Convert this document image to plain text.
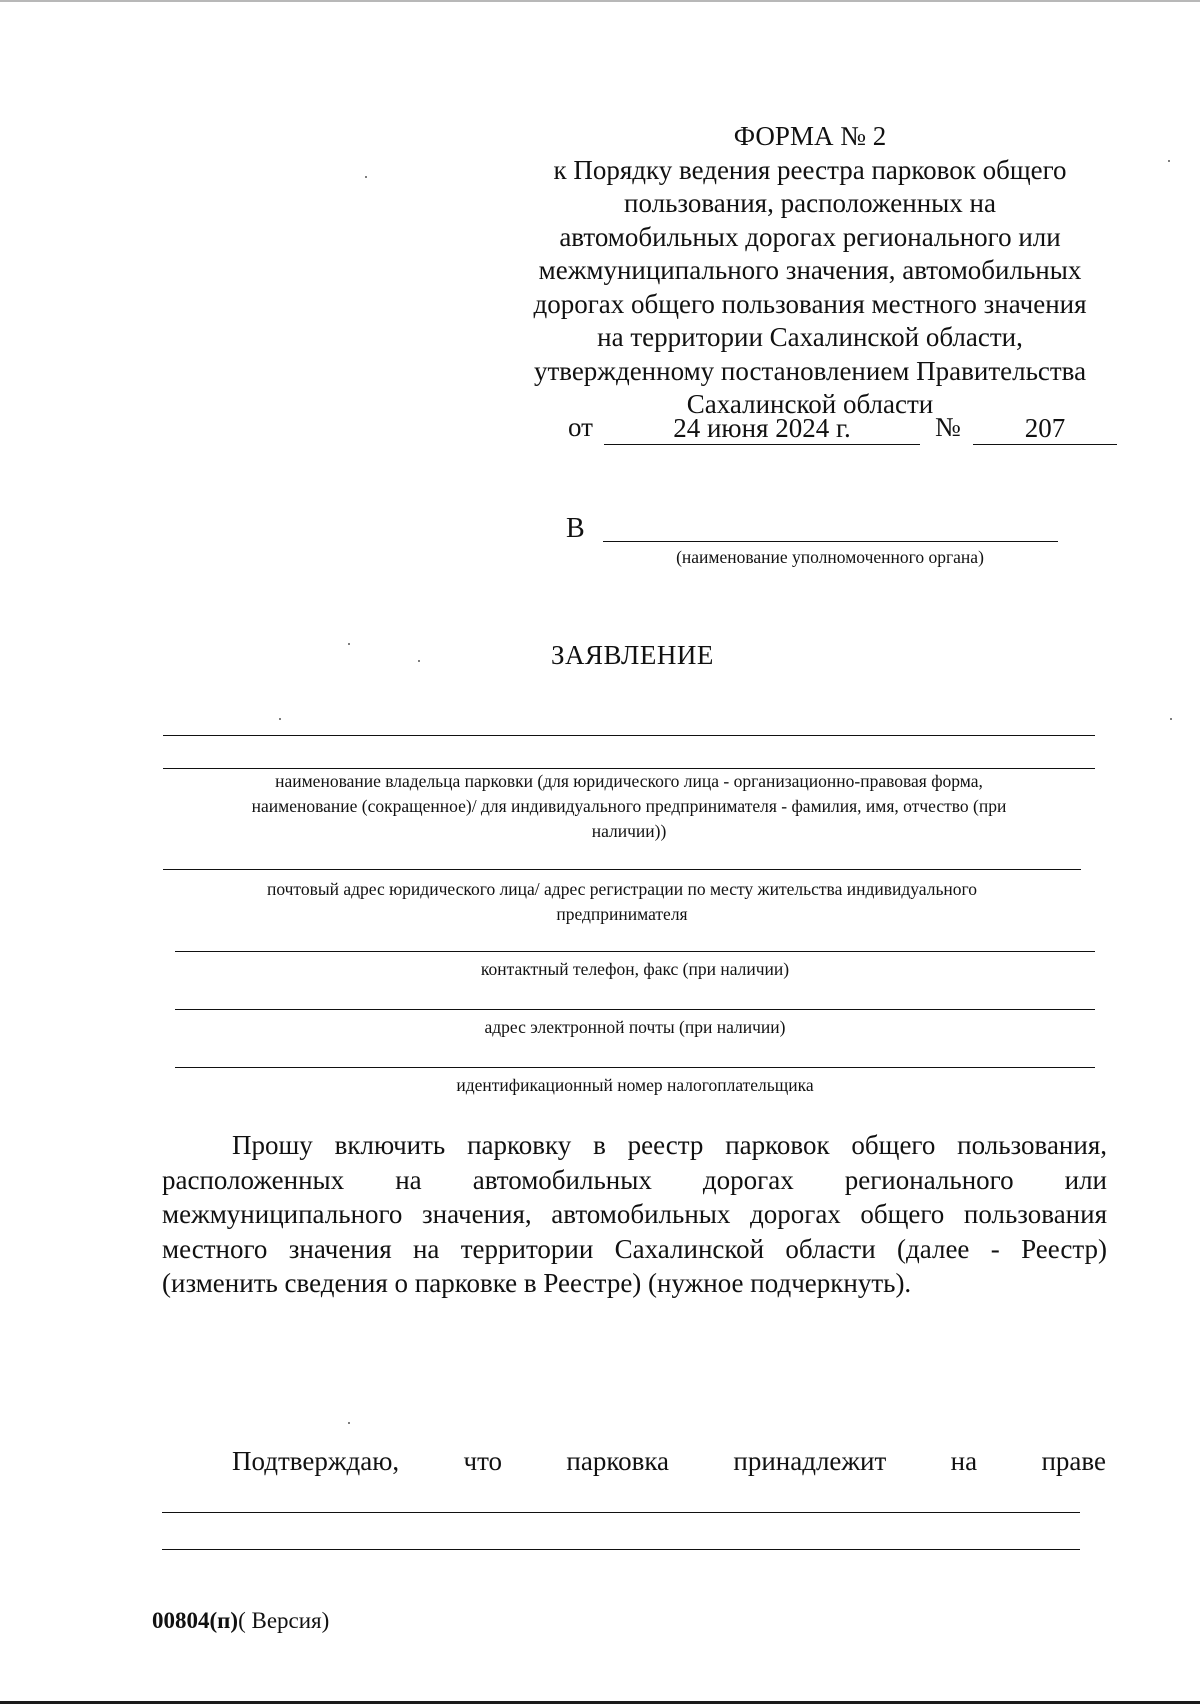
ФОРМА № 2
к Порядку ведения реестра парковок общего
пользования, расположенных на
автомобильных дорогах регионального или
межмуниципального значения, автомобильных
дорогах общего пользования местного значения
на территории Сахалинской области,
утвержденному постановлением Правительства
Сахалинской области
от	24 июня 2024 г.	№	207
В
(наименование уполномоченного органа)
ЗАЯВЛЕНИЕ
наименование владельца парковки (для юридического лица - организационно-правовая форма,
наименование (сокращенное)/ для индивидуального предпринимателя - фамилия, имя, отчество (при
наличии))
почтовый адрес юридического лица/ адрес регистрации по месту жительства индивидуального
предпринимателя
контактный телефон, факс (при наличии)
адрес электронной почты (при наличии)
идентификационный номер налогоплательщика
Прошу включить парковку в реестр парковок общего пользования,
расположенных на автомобильных дорогах регионального или
межмуниципального значения, автомобильных дорогах общего пользования
местного значения на территории Сахалинской области (далее - Реестр)
(изменить сведения о парковке в Реестре) (нужное подчеркнуть).
Подтверждаю, что парковка принадлежит на праве
00804(п)( Версия)
